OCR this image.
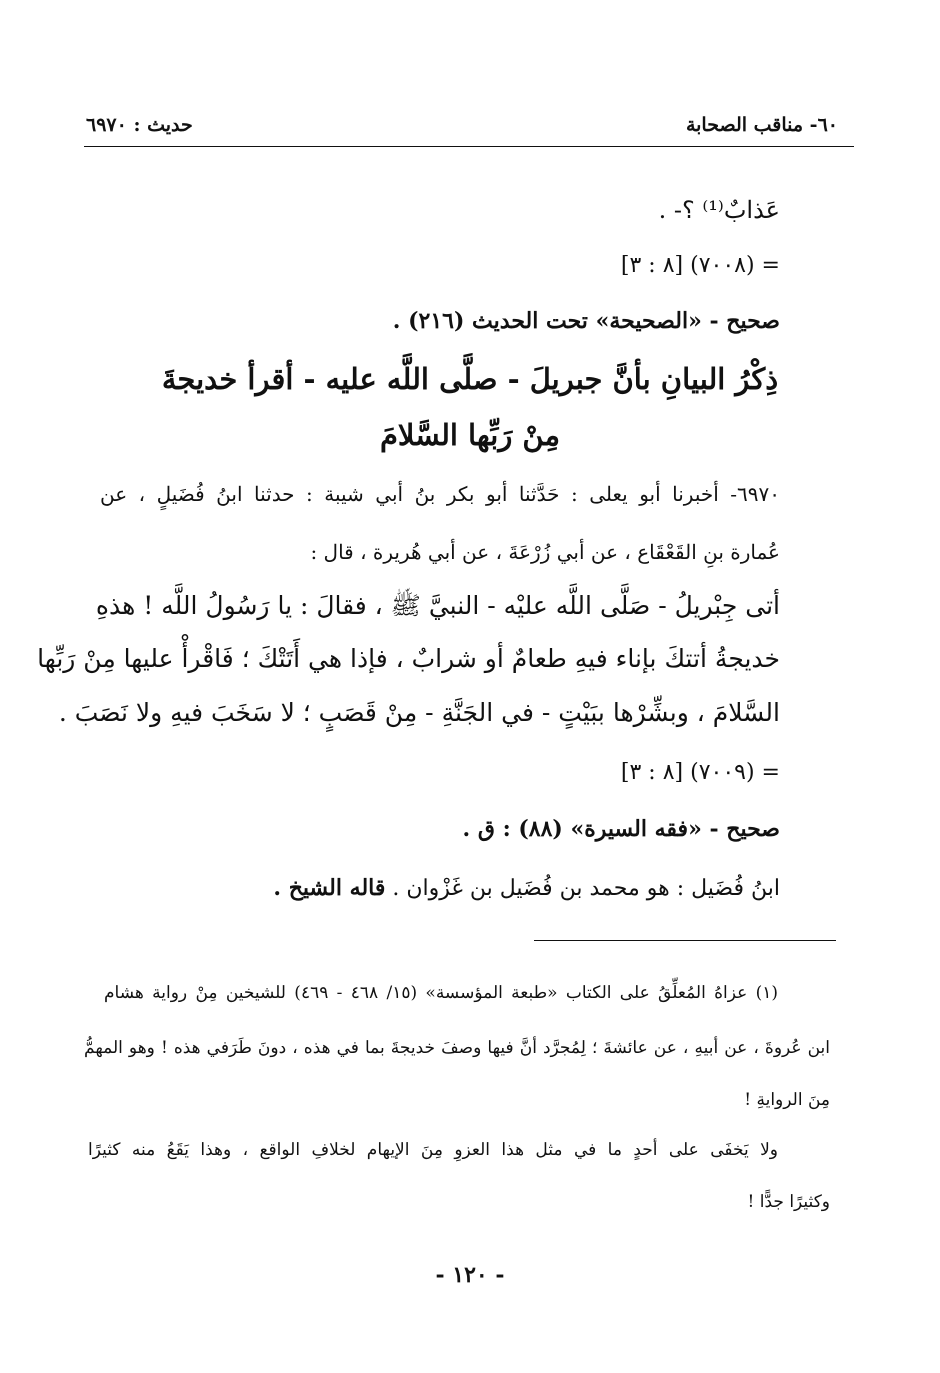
حديث : ٦٩٧٠	٦٠- مناقب الصحابة
عَذابٌ⁽¹⁾ ؟- .
= (٧٠٠٨) [٨ : ٣]
صحيح - «الصحيحة» تحت الحديث (٢١٦) .
ذِكْرُ البيانِ بأنَّ جبريلَ - صلَّى اللَّه عليه - أقرأ خديجةَ
مِنْ رَبِّها السَّلامَ
٦٩٧٠- أخبرنا أبو يعلى : حَدَّثنا أبو بكر بنُ أبي شيبة : حدثنا ابنُ فُضَيلٍ ، عن
عُمارة بنِ القَعْقَاع ، عن أبي زُرْعَةَ ، عن أبي هُريرة ، قال :
أتى جِبْريلُ - صَلَّى اللَّه عليْه - النبيَّ ﷺ ، فقالَ : يا رَسُولُ اللَّه ! هذهِ
خديجةُ أتتكَ بإناء فيهِ طعامٌ أو شرابٌ ، فإذا هي أَتَتْكَ ؛ فَاقْرأْ عليها مِنْ رَبِّها
السَّلامَ ، وبشِّرْها ببَيْتٍ - في الجَنَّةِ - مِنْ قَصَبٍ ؛ لا سَخَبَ فيهِ ولا نَصَبَ .
= (٧٠٠٩) [٨ : ٣]
صحيح - «فقه السيرة» (٨٨) : ق .
ابنُ فُضَيل : هو محمد بن فُضَيل بن غَزْوان . قاله الشيخ .
(١) عزاهُ المُعلِّقُ على الكتاب «طبعة المؤسسة» (١٥/ ٤٦٨ - ٤٦٩) للشيخين مِنْ رواية هشام
ابن عُروةَ ، عن أبيهِ ، عن عائشةَ ؛ لِمُجرَّد أنَّ فيها وصفَ خديجةَ بما في هذه ، دونَ طَرَفي هذه ! وهو المهمُّ
مِنَ الروايةِ !
ولا يَخفَى على أحدٍ ما في مثل هذا العزوِ مِنَ الإيهام لخلافِ الواقع ، وهذا يَقَعُ منه كثيرًا
وكثيرًا جدًّا !
- ١٢٠ -
